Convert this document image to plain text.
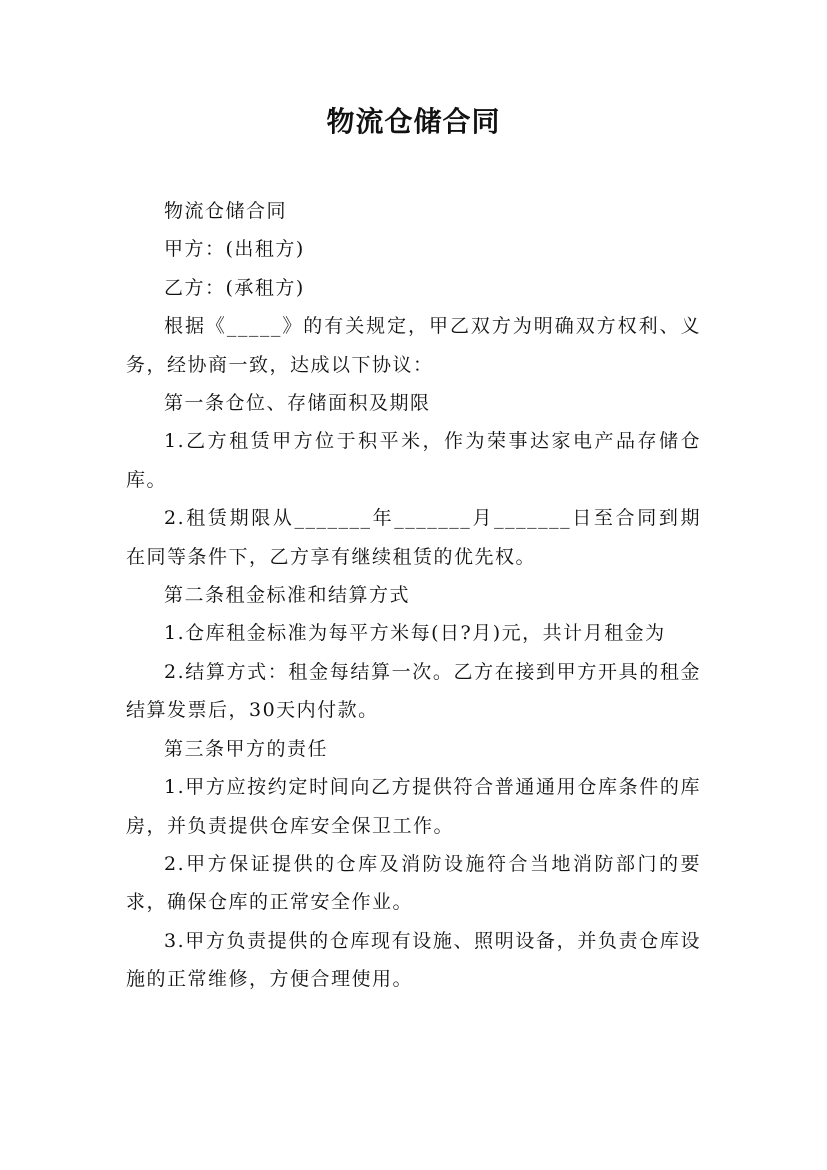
物流仓储合同

物流仓储合同

甲方：(出租方)

乙方：(承租方)

根据《_____》的有关规定，甲乙双方为明确双方权利、义务，经协商一致，达成以下协议：

第一条仓位、存储面积及期限

1.乙方租赁甲方位于积平米，作为荣事达家电产品存储仓库。

2.租赁期限从_______年_______月_______日至合同到期在同等条件下，乙方享有继续租赁的优先权。

第二条租金标准和结算方式

1.仓库租金标准为每平方米每(日?月)元，共计月租金为

2.结算方式：租金每结算一次。乙方在接到甲方开具的租金结算发票后，30天内付款。

第三条甲方的责任

1.甲方应按约定时间向乙方提供符合普通通用仓库条件的库房，并负责提供仓库安全保卫工作。

2.甲方保证提供的仓库及消防设施符合当地消防部门的要求，确保仓库的正常安全作业。

3.甲方负责提供的仓库现有设施、照明设备，并负责仓库设施的正常维修，方便合理使用。
